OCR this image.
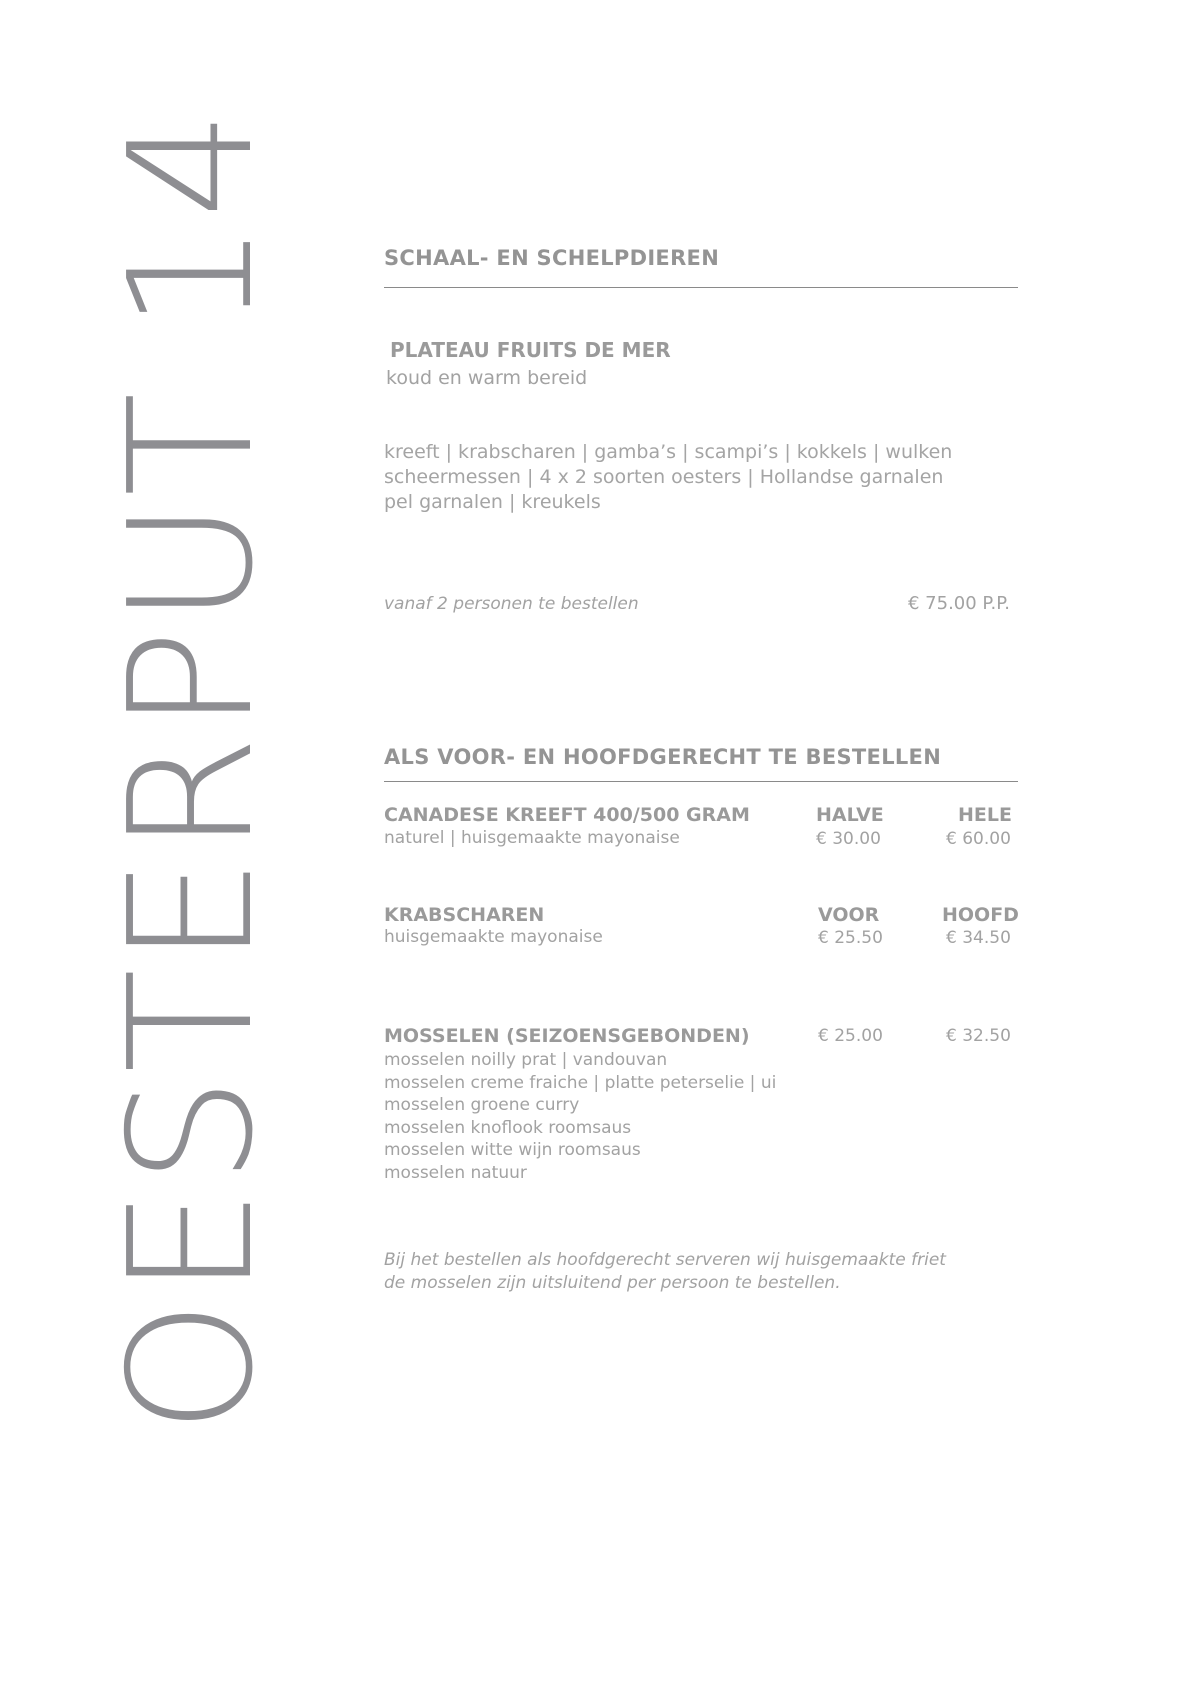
OESTERPUT 14	SCHAAL- EN SCHELPDIEREN
PLATEAU FRUITS DE MER
koud en warm bereid
kreeft | krabscharen | gamba’s | scampi’s | kokkels | wulken
scheermessen | 4 x 2 soorten oesters | Hollandse garnalen
pel garnalen | kreukels
vanaf 2 personen te bestellen	€ 75.00 P.P.
ALS VOOR- EN HOOFDGERECHT TE BESTELLEN
CANADESE KREEFT 400/500 GRAM
naturel | huisgemaakte mayonaise
HALVE	HELE
€ 30.00	€ 60.00
KRABSCHAREN
huisgemaakte mayonaise
VOOR	HOOFD
€ 25.50	€ 34.50
MOSSELEN (SEIZOENSGEBONDEN)	€ 25.00	€ 32.50
mosselen noilly prat | vandouvan
mosselen creme fraiche | platte peterselie | ui
mosselen groene curry
mosselen knoflook roomsaus
mosselen witte wijn roomsaus
mosselen natuur
Bij het bestellen als hoofdgerecht serveren wij huisgemaakte friet
de mosselen zijn uitsluitend per persoon te bestellen.
